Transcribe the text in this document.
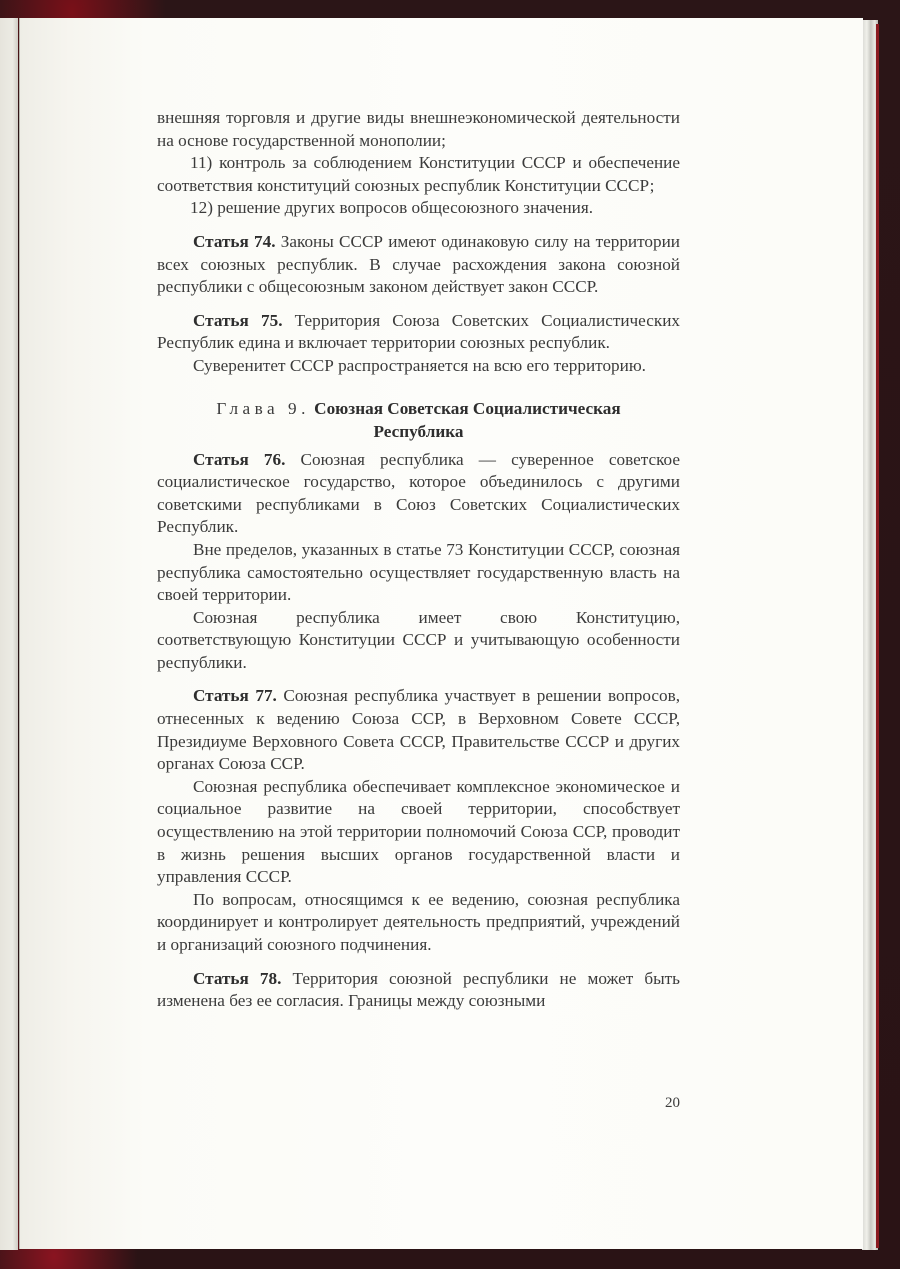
внешняя торговля и другие виды внешнеэкономической деятельности на основе государственной монополии;

11) контроль за соблюдением Конституции СССР и обеспечение соответствия конституций союзных республик Конституции СССР;

12) решение других вопросов общесоюзного значения.

Статья 74. Законы СССР имеют одинаковую силу на территории всех союзных республик. В случае расхождения закона союзной республики с общесоюзным законом действует закон СССР.

Статья 75. Территория Союза Советских Социалистических Республик едина и включает территории союзных республик.

Суверенитет СССР распространяется на всю его территорию.

Глава 9. Союзная Советская Социалистическая
Республика

Статья 76. Союзная республика — суверенное советское социалистическое государство, которое объединилось с другими советскими республиками в Союз Советских Социалистических Республик.

Вне пределов, указанных в статье 73 Конституции СССР, союзная республика самостоятельно осуществляет государственную власть на своей территории.

Союзная республика имеет свою Конституцию, соответствующую Конституции СССР и учитывающую особенности республики.

Статья 77. Союзная республика участвует в решении вопросов, отнесенных к ведению Союза ССР, в Верховном Совете СССР, Президиуме Верховного Совета СССР, Правительстве СССР и других органах Союза ССР.

Союзная республика обеспечивает комплексное экономическое и социальное развитие на своей территории, способствует осуществлению на этой территории полномочий Союза ССР, проводит в жизнь решения высших органов государственной власти и управления СССР.

По вопросам, относящимся к ее ведению, союзная республика координирует и контролирует деятельность предприятий, учреждений и организаций союзного подчинения.

Статья 78. Территория союзной республики не может быть изменена без ее согласия. Границы между союзными

20
